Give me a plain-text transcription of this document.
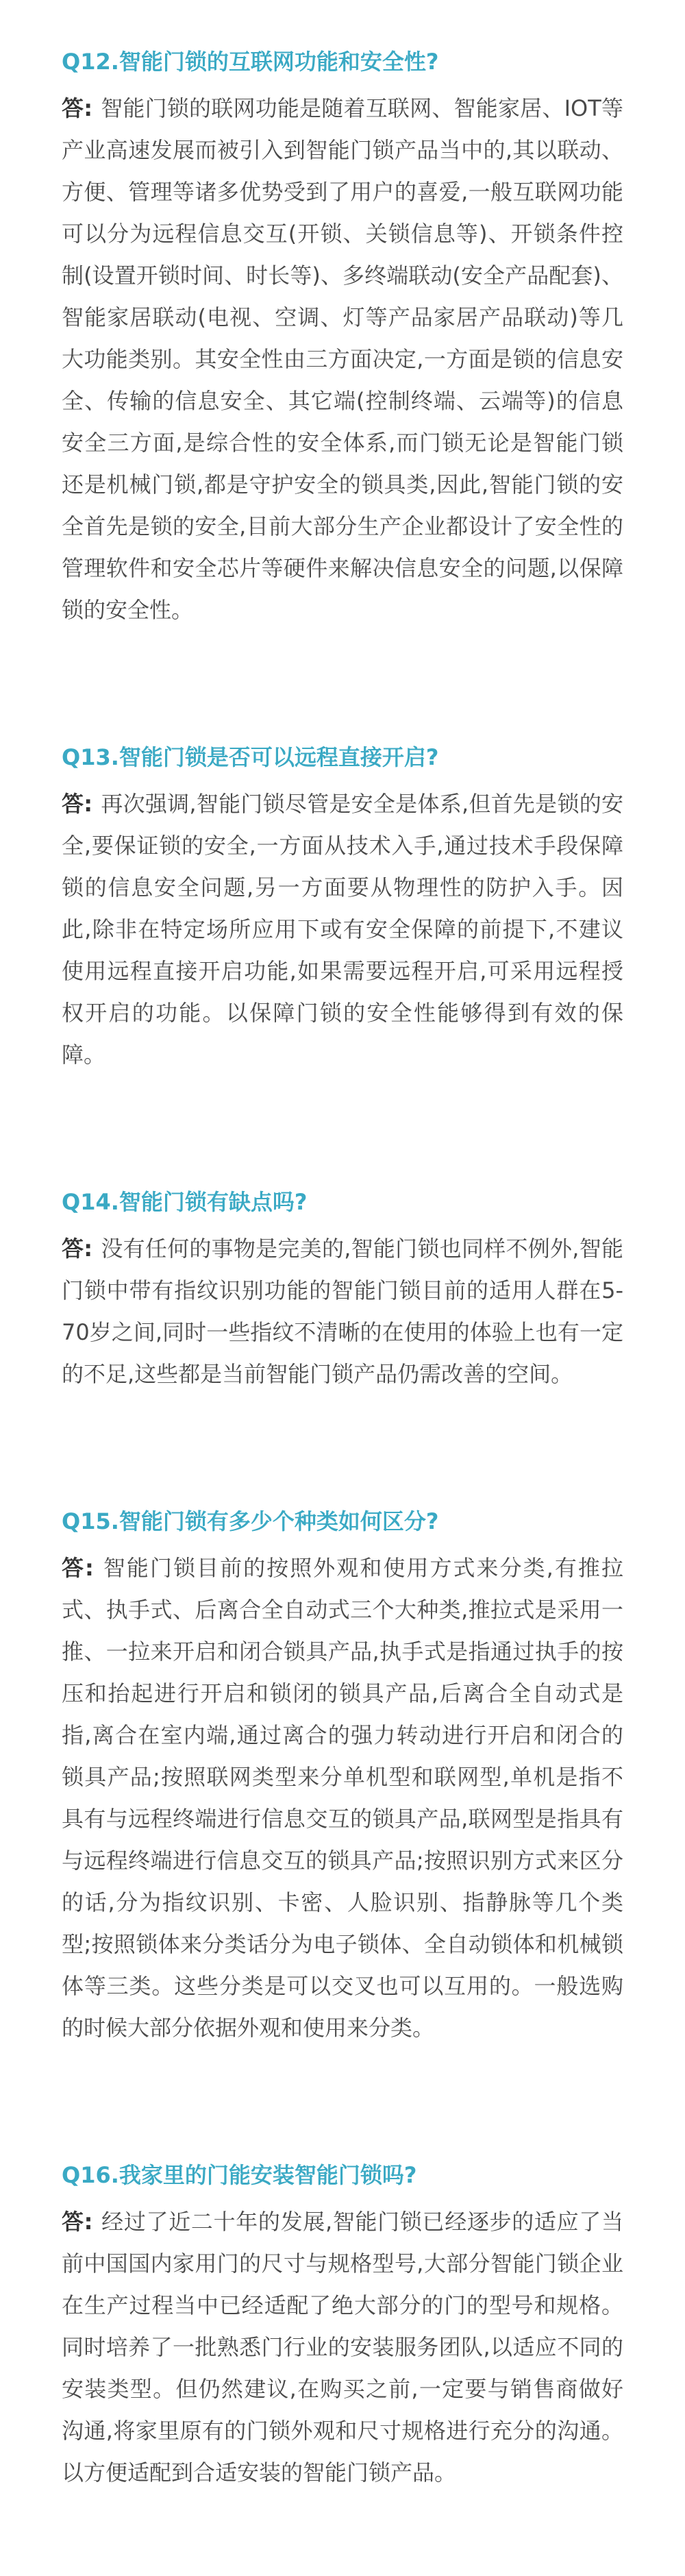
Q12.智能门锁的互联网功能和安全性?

答: 智能门锁的联网功能是随着互联网、智能家居、IOT等产业高速发展而被引入到智能门锁产品当中的,其以联动、方便、管理等诸多优势受到了用户的喜爱,一般互联网功能可以分为远程信息交互(开锁、关锁信息等)、开锁条件控制(设置开锁时间、时长等)、多终端联动(安全产品配套)、智能家居联动(电视、空调、灯等产品家居产品联动)等几大功能类别。其安全性由三方面决定,一方面是锁的信息安全、传输的信息安全、其它端(控制终端、云端等)的信息安全三方面,是综合性的安全体系,而门锁无论是智能门锁还是机械门锁,都是守护安全的锁具类,因此,智能门锁的安全首先是锁的安全,目前大部分生产企业都设计了安全性的管理软件和安全芯片等硬件来解决信息安全的问题,以保障锁的安全性。

Q13.智能门锁是否可以远程直接开启?

答: 再次强调,智能门锁尽管是安全是体系,但首先是锁的安全,要保证锁的安全,一方面从技术入手,通过技术手段保障锁的信息安全问题,另一方面要从物理性的防护入手。因此,除非在特定场所应用下或有安全保障的前提下,不建议使用远程直接开启功能,如果需要远程开启,可采用远程授权开启的功能。以保障门锁的安全性能够得到有效的保障。

Q14.智能门锁有缺点吗?

答: 没有任何的事物是完美的,智能门锁也同样不例外,智能门锁中带有指纹识别功能的智能门锁目前的适用人群在5-70岁之间,同时一些指纹不清晰的在使用的体验上也有一定的不足,这些都是当前智能门锁产品仍需改善的空间。

Q15.智能门锁有多少个种类如何区分?

答: 智能门锁目前的按照外观和使用方式来分类,有推拉式、执手式、后离合全自动式三个大种类,推拉式是采用一推、一拉来开启和闭合锁具产品,执手式是指通过执手的按压和抬起进行开启和锁闭的锁具产品,后离合全自动式是指,离合在室内端,通过离合的强力转动进行开启和闭合的锁具产品;按照联网类型来分单机型和联网型,单机是指不具有与远程终端进行信息交互的锁具产品,联网型是指具有与远程终端进行信息交互的锁具产品;按照识别方式来区分的话,分为指纹识别、卡密、人脸识别、指静脉等几个类型;按照锁体来分类话分为电子锁体、全自动锁体和机械锁体等三类。这些分类是可以交叉也可以互用的。一般选购的时候大部分依据外观和使用来分类。

Q16.我家里的门能安装智能门锁吗?

答: 经过了近二十年的发展,智能门锁已经逐步的适应了当前中国国内家用门的尺寸与规格型号,大部分智能门锁企业在生产过程当中已经适配了绝大部分的门的型号和规格。同时培养了一批熟悉门行业的安装服务团队,以适应不同的安装类型。但仍然建议,在购买之前,一定要与销售商做好沟通,将家里原有的门锁外观和尺寸规格进行充分的沟通。以方便适配到合适安装的智能门锁产品。
